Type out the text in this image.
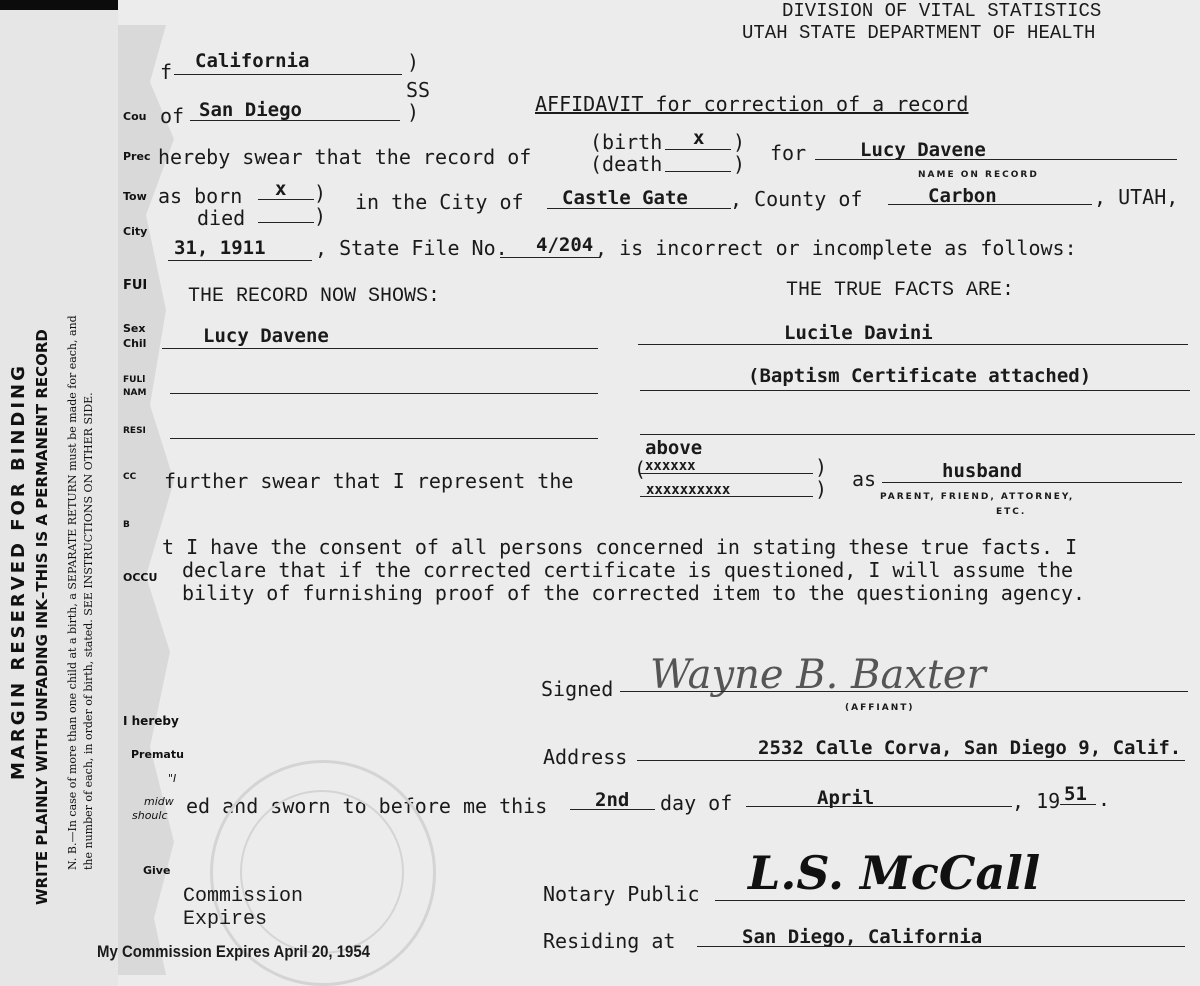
MARGIN RESERVED FOR BINDING WRITE PLAINLY WITH UNFADING INK–THIS IS A PERMANENT RECORD N. B.—In case of more than one child at a birth, a SEPARATE RETURN must be made for each, and the number of each, in order of birth, stated. SEE INSTRUCTIONS ON OTHER SIDE.
Cou
Prec
Tow
City
FUI
Sex
Chil
FULl
NAM
RESI
CC
B
OCCU
I hereby
Prematu
"I
midw
shoulc
Give
DIVISION OF VITAL STATISTICS
UTAH STATE DEPARTMENT OF HEALTH
f California	)
SS

of San Diego	)	AFFIDAVIT for correction of a record
hereby swear that the record of
(birth x )
(death	) for	Lucy Davene
NAME ON RECORD
as born x )
died	)
in the City of Castle Gate , County of	Carbon	, UTAH,
31, 1911 , State File No. 4/204 , is incorrect or incomplete as follows:
THE RECORD NOW SHOWS:	THE TRUE FACTS ARE:
Lucy Davene	Lucile Davini
(Baptism Certificate attached)
further swear that I represent the
above
(
xxxxxx	)
xxxxxxxxxx	) as	husband
PARENT, FRIEND, ATTORNEY,
ETC.
t I have the consent of all persons concerned in stating these true facts. I
declare that if the corrected certificate is questioned, I will assume the
bility of furnishing proof of the corrected item to the questioning agency.
Signed Wayne B. Baxter
(AFFIANT)
Address	2532 Calle Corva, San Diego 9, Calif.
ed and sworn to before me this	2nd day of	April	, 19 51 .
Notary Public L.S. McCall
Commission
Expires
My Commission Expires April 20, 1954	Residing at	San Diego, California
